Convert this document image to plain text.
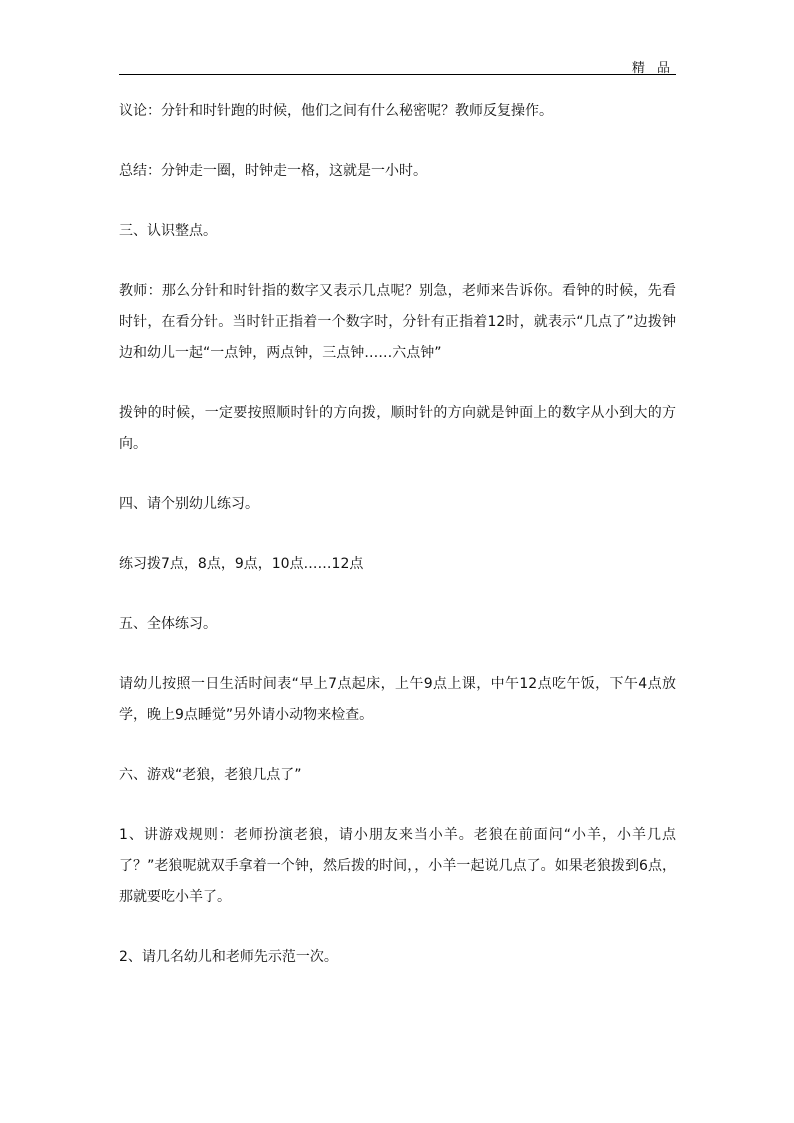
精 品

议论：分针和时针跑的时候，他们之间有什么秘密呢？教师反复操作。

总结：分钟走一圈，时钟走一格，这就是一小时。

三、认识整点。

教师：那么分针和时针指的数字又表示几点呢？别急，老师来告诉你。看钟的时候，先看时针，在看分针。当时针正指着一个数字时，分针有正指着12时，就表示“几点了”边拨钟边和幼儿一起“一点钟，两点钟，三点钟……六点钟”

拨钟的时候，一定要按照顺时针的方向拨，顺时针的方向就是钟面上的数字从小到大的方向。

四、请个别幼儿练习。

练习拨7点，8点，9点，10点……12点

五、全体练习。

请幼儿按照一日生活时间表“早上7点起床，上午9点上课，中午12点吃午饭，下午4点放学，晚上9点睡觉”另外请小动物来检查。

六、游戏“老狼，老狼几点了”

1、讲游戏规则：老师扮演老狼，请小朋友来当小羊。老狼在前面问“小羊，小羊几点了？”老狼呢就双手拿着一个钟，然后拨的时间，，小羊一起说几点了。如果老狼拨到6点，那就要吃小羊了。

2、请几名幼儿和老师先示范一次。
